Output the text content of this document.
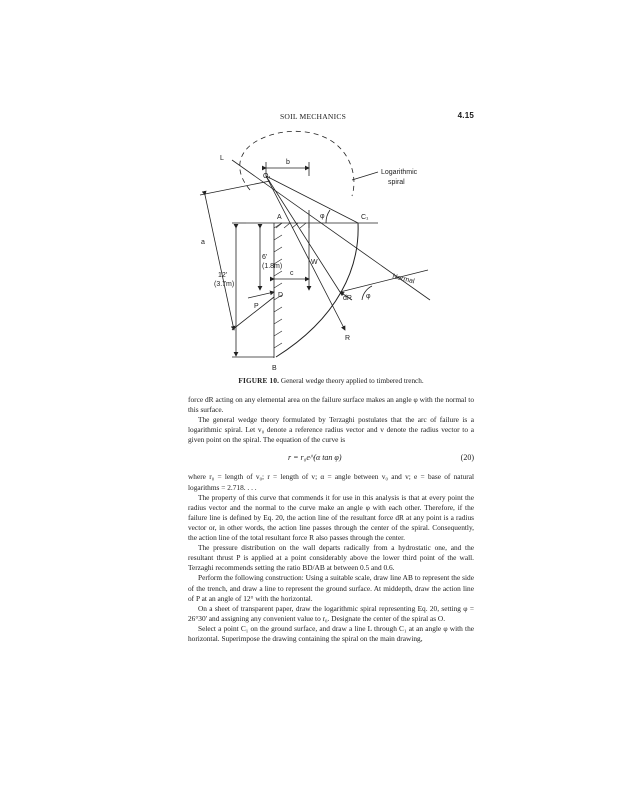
SOIL MECHANICS	4.15
L
b
O₁
Logarithmic
spiral
A	φ	C₁
a
6'
(1.8m)
W
12'
(3.7m)
c	Normal
D	dR φ
P
R
B
FIGURE 10. General wedge theory applied to timbered trench.

force dR acting on any elemental area on the failure surface makes an angle φ with the normal to this surface.

The general wedge theory formulated by Terzaghi postulates that the arc of failure is a logarithmic spiral. Let v₀ denote a reference radius vector and v denote the radius vector to a given point on the spiral. The equation of the curve is

r = r₀e^(α tan φ)	(20)

where r₀ = length of v₀; r = length of v; α = angle between v₀ and v; e = base of natural logarithms = 2.718. . . .

The property of this curve that commends it for use in this analysis is that at every point the radius vector and the normal to the curve make an angle φ with each other. Therefore, if the failure line is defined by Eq. 20, the action line of the resultant force dR at any point is a radius vector or, in other words, the action line passes through the center of the spiral. Consequently, the action line of the total resultant force R also passes through the center.

The pressure distribution on the wall departs radically from a hydrostatic one, and the resultant thrust P is applied at a point considerably above the lower third point of the wall. Terzaghi recommends setting the ratio BD/AB at between 0.5 and 0.6.

Perform the following construction: Using a suitable scale, draw line AB to represent the side of the trench, and draw a line to represent the ground surface. At middepth, draw the action line of P at an angle of 12° with the horizontal.

On a sheet of transparent paper, draw the logarithmic spiral representing Eq. 20, setting φ = 26°30' and assigning any convenient value to r₀. Designate the center of the spiral as O.

Select a point C₁ on the ground surface, and draw a line L through C₁ at an angle φ with the horizontal. Superimpose the drawing containing the spiral on the main drawing,
